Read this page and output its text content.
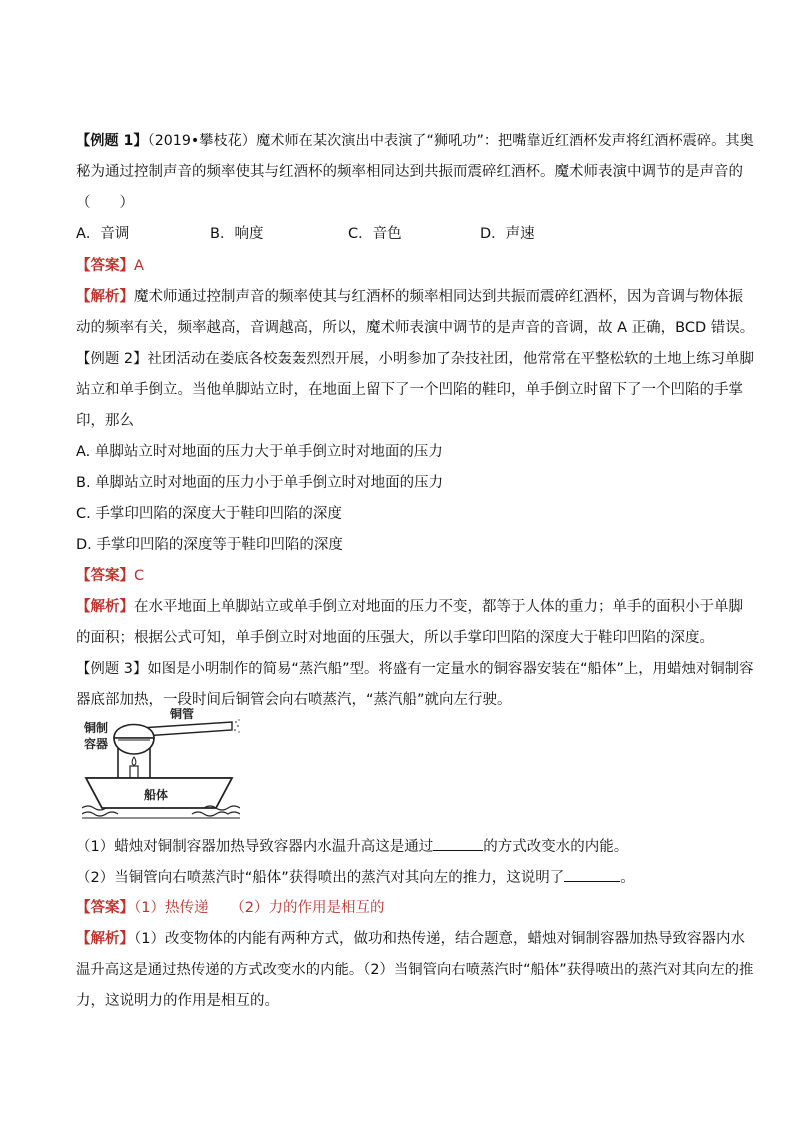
【例题 1】（2019•攀枝花）魔术师在某次演出中表演了“狮吼功”：把嘴靠近红酒杯发声将红酒杯震碎。其奥
秘为通过控制声音的频率使其与红酒杯的频率相同达到共振而震碎红酒杯。魔术师表演中调节的是声音的
（　　）
A．音调	B．响度	C．音色	D．声速
【答案】A
【解析】魔术师通过控制声音的频率使其与红酒杯的频率相同达到共振而震碎红酒杯，因为音调与物体振
动的频率有关，频率越高，音调越高，所以，魔术师表演中调节的是声音的音调，故 A 正确，BCD 错误。
【例题 2】社团活动在娄底各校轰轰烈烈开展，小明参加了杂技社团，他常常在平整松软的土地上练习单脚
站立和单手倒立。当他单脚站立时，在地面上留下了一个凹陷的鞋印，单手倒立时留下了一个凹陷的手掌
印，那么
A. 单脚站立时对地面的压力大于单手倒立时对地面的压力
B. 单脚站立时对地面的压力小于单手倒立时对地面的压力
C. 手掌印凹陷的深度大于鞋印凹陷的深度
D. 手掌印凹陷的深度等于鞋印凹陷的深度
【答案】C
【解析】在水平地面上单脚站立或单手倒立对地面的压力不变，都等于人体的重力；单手的面积小于单脚
的面积；根据公式可知，单手倒立时对地面的压强大，所以手掌印凹陷的深度大于鞋印凹陷的深度。
【例题 3】如图是小明制作的简易“蒸汽船”型。将盛有一定量水的铜容器安装在“船体”上，用蜡烛对铜制容
器底部加热，一段时间后铜管会向右喷蒸汽，“蒸汽船”就向左行驶。
铜制
容器
铜管
船体
（1）蜡烛对铜制容器加热导致容器内水温升高这是通过	的方式改变水的内能。
（2）当铜管向右喷蒸汽时“船体”获得喷出的蒸汽对其向左的推力，这说明了	。
【答案】（1）热传递　　（2）力的作用是相互的
【解析】（1）改变物体的内能有两种方式，做功和热传递，结合题意，蜡烛对铜制容器加热导致容器内水
温升高这是通过热传递的方式改变水的内能。（2）当铜管向右喷蒸汽时“船体”获得喷出的蒸汽对其向左的推
力，这说明力的作用是相互的。
